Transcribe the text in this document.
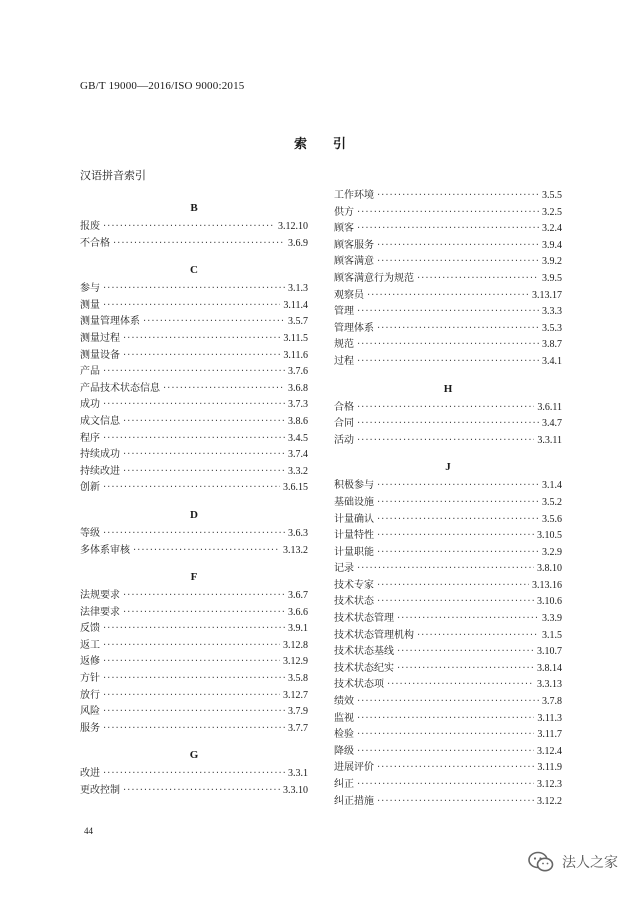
GB/T 19000—2016/ISO 9000:2015
索 引
汉语拼音索引
B
报废 ·····	3.12.10
不合格 ·····	3.6.9
C
参与 ·····	3.1.3
测量 ·····	3.11.4
测量管理体系 ·····	3.5.7
测量过程 ·····	3.11.5
测量设备 ·····	3.11.6
产品 ·····	3.7.6
产品技术状态信息 ·····	3.6.8
成功 ·····	3.7.3
成文信息 ·····	3.8.6
程序 ·····	3.4.5
持续成功 ·····	3.7.4
持续改进 ·····	3.3.2
创新 ·····	3.6.15
D
等级 ·····	3.6.3
多体系审核 ·····	3.13.2
F
法规要求 ·····	3.6.7
法律要求 ·····	3.6.6
反馈 ·····	3.9.1
返工 ·····	3.12.8
返修 ·····	3.12.9
方针 ·····	3.5.8
放行 ·····	3.12.7
风险 ·····	3.7.9
服务 ·····	3.7.7
G
改进 ·····	3.3.1
更改控制 ·····	3.3.10
工作环境 ·····	3.5.5
供方 ·····	3.2.5
顾客 ·····	3.2.4
顾客服务 ·····	3.9.4
顾客满意 ·····	3.9.2
顾客满意行为规范 ·····	3.9.5
观察员 ·····	3.13.17
管理 ·····	3.3.3
管理体系 ·····	3.5.3
规范 ·····	3.8.7
过程 ·····	3.4.1
H
合格 ·····	3.6.11
合同 ·····	3.4.7
活动 ·····	3.3.11
J
积极参与 ·····	3.1.4
基础设施 ·····	3.5.2
计量确认 ·····	3.5.6
计量特性 ·····	3.10.5
计量职能 ·····	3.2.9
记录 ·····	3.8.10
技术专家 ·····	3.13.16
技术状态 ·····	3.10.6
技术状态管理 ·····	3.3.9
技术状态管理机构 ·····	3.1.5
技术状态基线 ·····	3.10.7
技术状态纪实 ·····	3.8.14
技术状态项 ·····	3.3.13
绩效 ·····	3.7.8
监视 ·····	3.11.3
检验 ·····	3.11.7
降级 ·····	3.12.4
进展评价 ·····	3.11.9
纠正 ·····	3.12.3
纠正措施 ·····	3.12.2
44
法人之家
